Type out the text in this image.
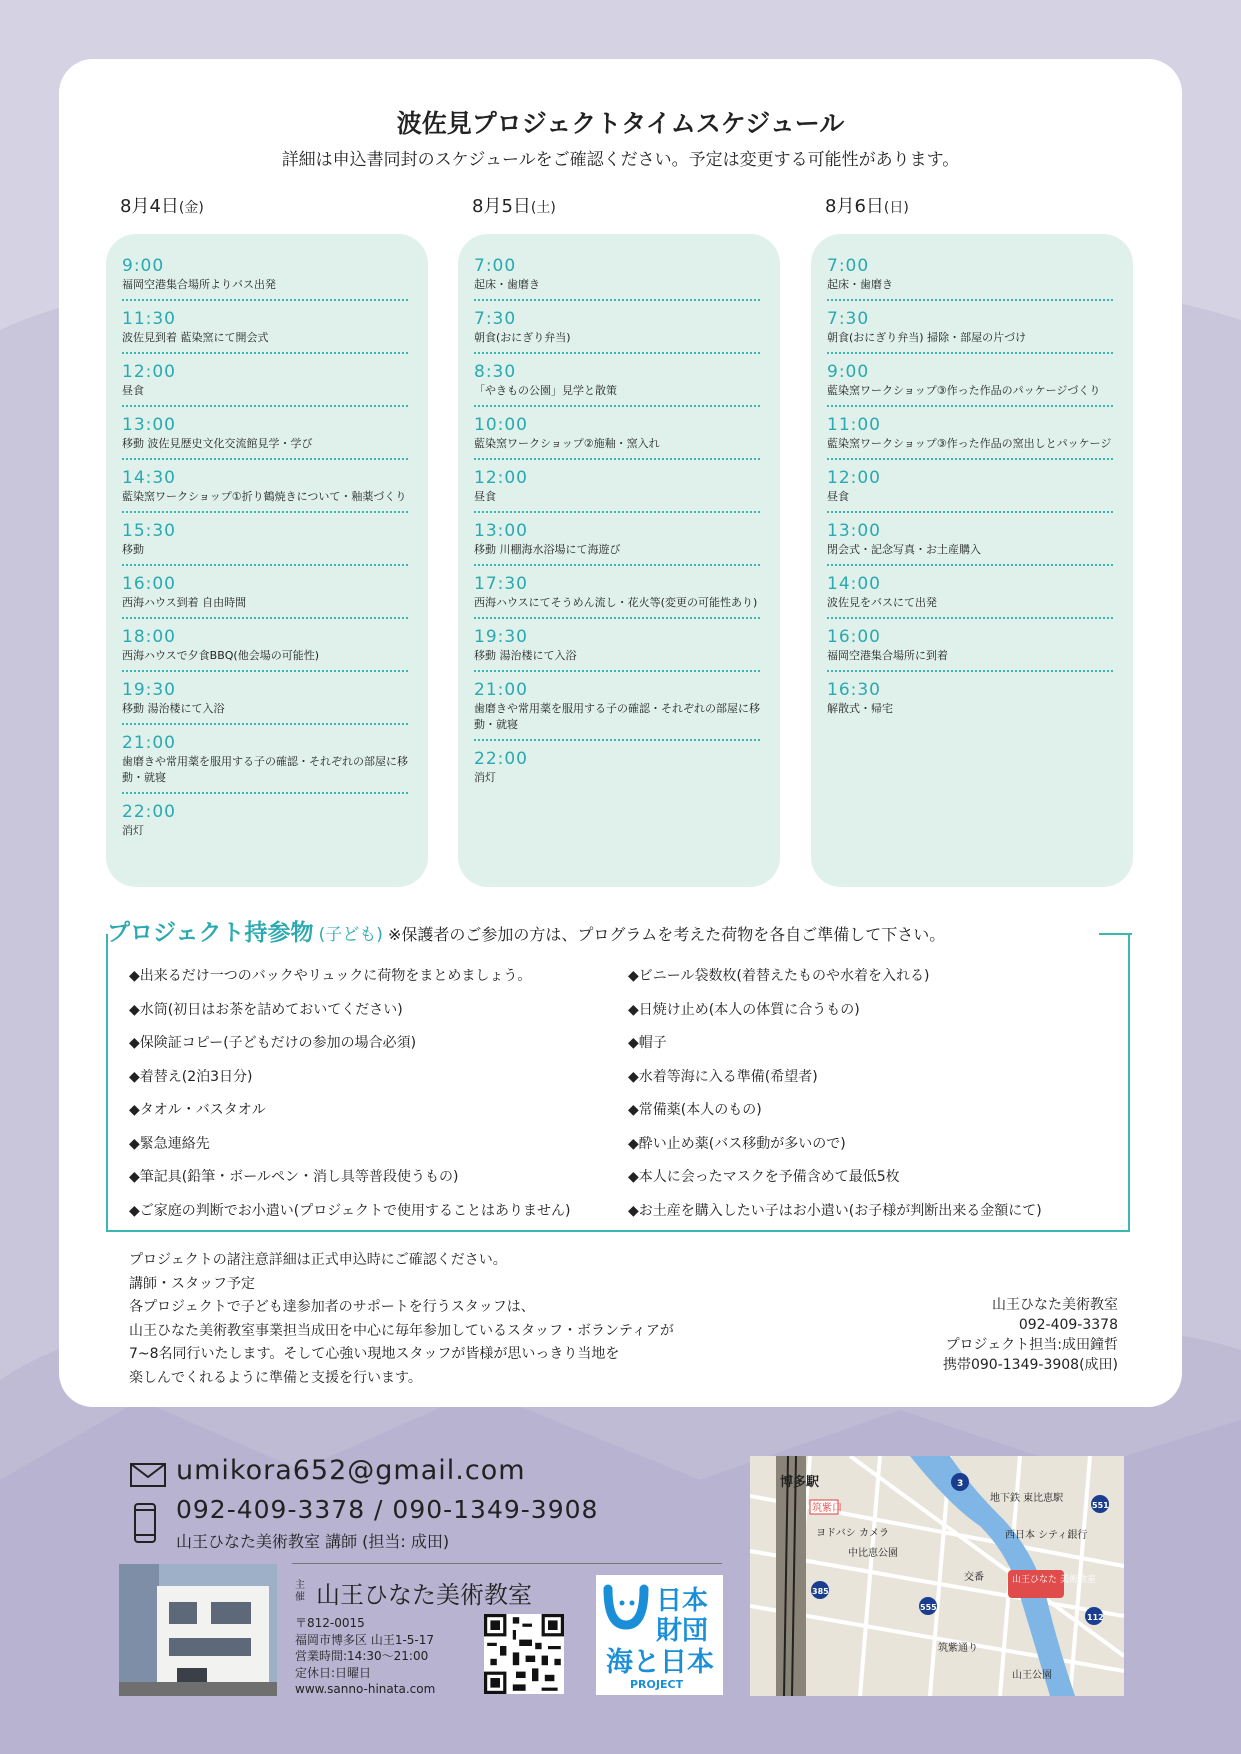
波佐見プロジェクトタイムスケジュール
詳細は申込書同封のスケジュールをご確認ください。予定は変更する可能性があります。
8月4日(金)	8月5日(土)	8月6日(日)
9:00
福岡空港集合場所よりバス出発
11:30
波佐見到着 藍染窯にて開会式
12:00
昼食
13:00
移動 波佐見歴史文化交流館見学・学び
14:30
藍染窯ワークショップ①折り鶴焼きについて・釉薬づくり
15:30
移動
16:00
西海ハウス到着 自由時間
18:00
西海ハウスで夕食BBQ(他会場の可能性)
19:30
移動 湯治楼にて入浴
21:00
歯磨きや常用薬を服用する子の確認・それぞれの部屋に移動・就寝
22:00
消灯
7:00
起床・歯磨き
7:30
朝食(おにぎり弁当)
8:30
「やきもの公園」見学と散策
10:00
藍染窯ワークショップ②施釉・窯入れ
12:00
昼食
13:00
移動 川棚海水浴場にて海遊び
17:30
西海ハウスにてそうめん流し・花火等(変更の可能性あり)
19:30
移動 湯治楼にて入浴
21:00
歯磨きや常用薬を服用する子の確認・それぞれの部屋に移動・就寝
22:00
消灯
7:00
起床・歯磨き
7:30
朝食(おにぎり弁当) 掃除・部屋の片づけ
9:00
藍染窯ワークショップ③作った作品のパッケージづくり
11:00
藍染窯ワークショップ③作った作品の窯出しとパッケージ
12:00
昼食
13:00
閉会式・記念写真・お土産購入
14:00
波佐見をバスにて出発
16:00
福岡空港集合場所に到着
16:30
解散式・帰宅
プロジェクト持参物 (子ども) ※保護者のご参加の方は、プログラムを考えた荷物を各自ご準備して下さい。
◆出来るだけ一つのバックやリュックに荷物をまとめましょう。
◆水筒(初日はお茶を詰めておいてください)
◆保険証コピー(子どもだけの参加の場合必須)
◆着替え(2泊3日分)
◆タオル・バスタオル
◆緊急連絡先
◆筆記具(鉛筆・ボールペン・消し具等普段使うもの)
◆ご家庭の判断でお小遣い(プロジェクトで使用することはありません)
◆ビニール袋数枚(着替えたものや水着を入れる)
◆日焼け止め(本人の体質に合うもの)
◆帽子
◆水着等海に入る準備(希望者)
◆常備薬(本人のもの)
◆酔い止め薬(バス移動が多いので)
◆本人に会ったマスクを予備含めて最低5枚
◆お土産を購入したい子はお小遣い(お子様が判断出来る金額にて)
プロジェクトの諸注意詳細は正式申込時にご確認ください。
講師・スタッフ予定
各プロジェクトで子ども達参加者のサポートを行うスタッフは、
山王ひなた美術教室事業担当成田を中心に毎年参加しているスタッフ・ボランティアが
7~8名同行いたします。そして心強い現地スタッフが皆様が思いっきり当地を
楽しんでくれるように準備と支援を行います。
山王ひなた美術教室
092-409-3378
プロジェクト担当:成田鐘哲
携帯090-1349-3908(成田)
umikora652@gmail.com
092-409-3378 / 090-1349-3908
山王ひなた美術教室 講師 (担当: 成田)
主催 山王ひなた美術教室
〒812-0015
福岡市博多区 山王1-5-17
営業時間:14:30〜21:00
定休日:日曜日
www.sanno-hinata.com
日本
財団
海と日本
PROJECT
博多駅
筑紫口
ヨドバシ カメラ
中比恵公園
地下鉄 東比恵駅
西日本 シティ銀行
交番
筑紫通り
山王公園
山王ひなた 美術教室
3
385
555
551
112
